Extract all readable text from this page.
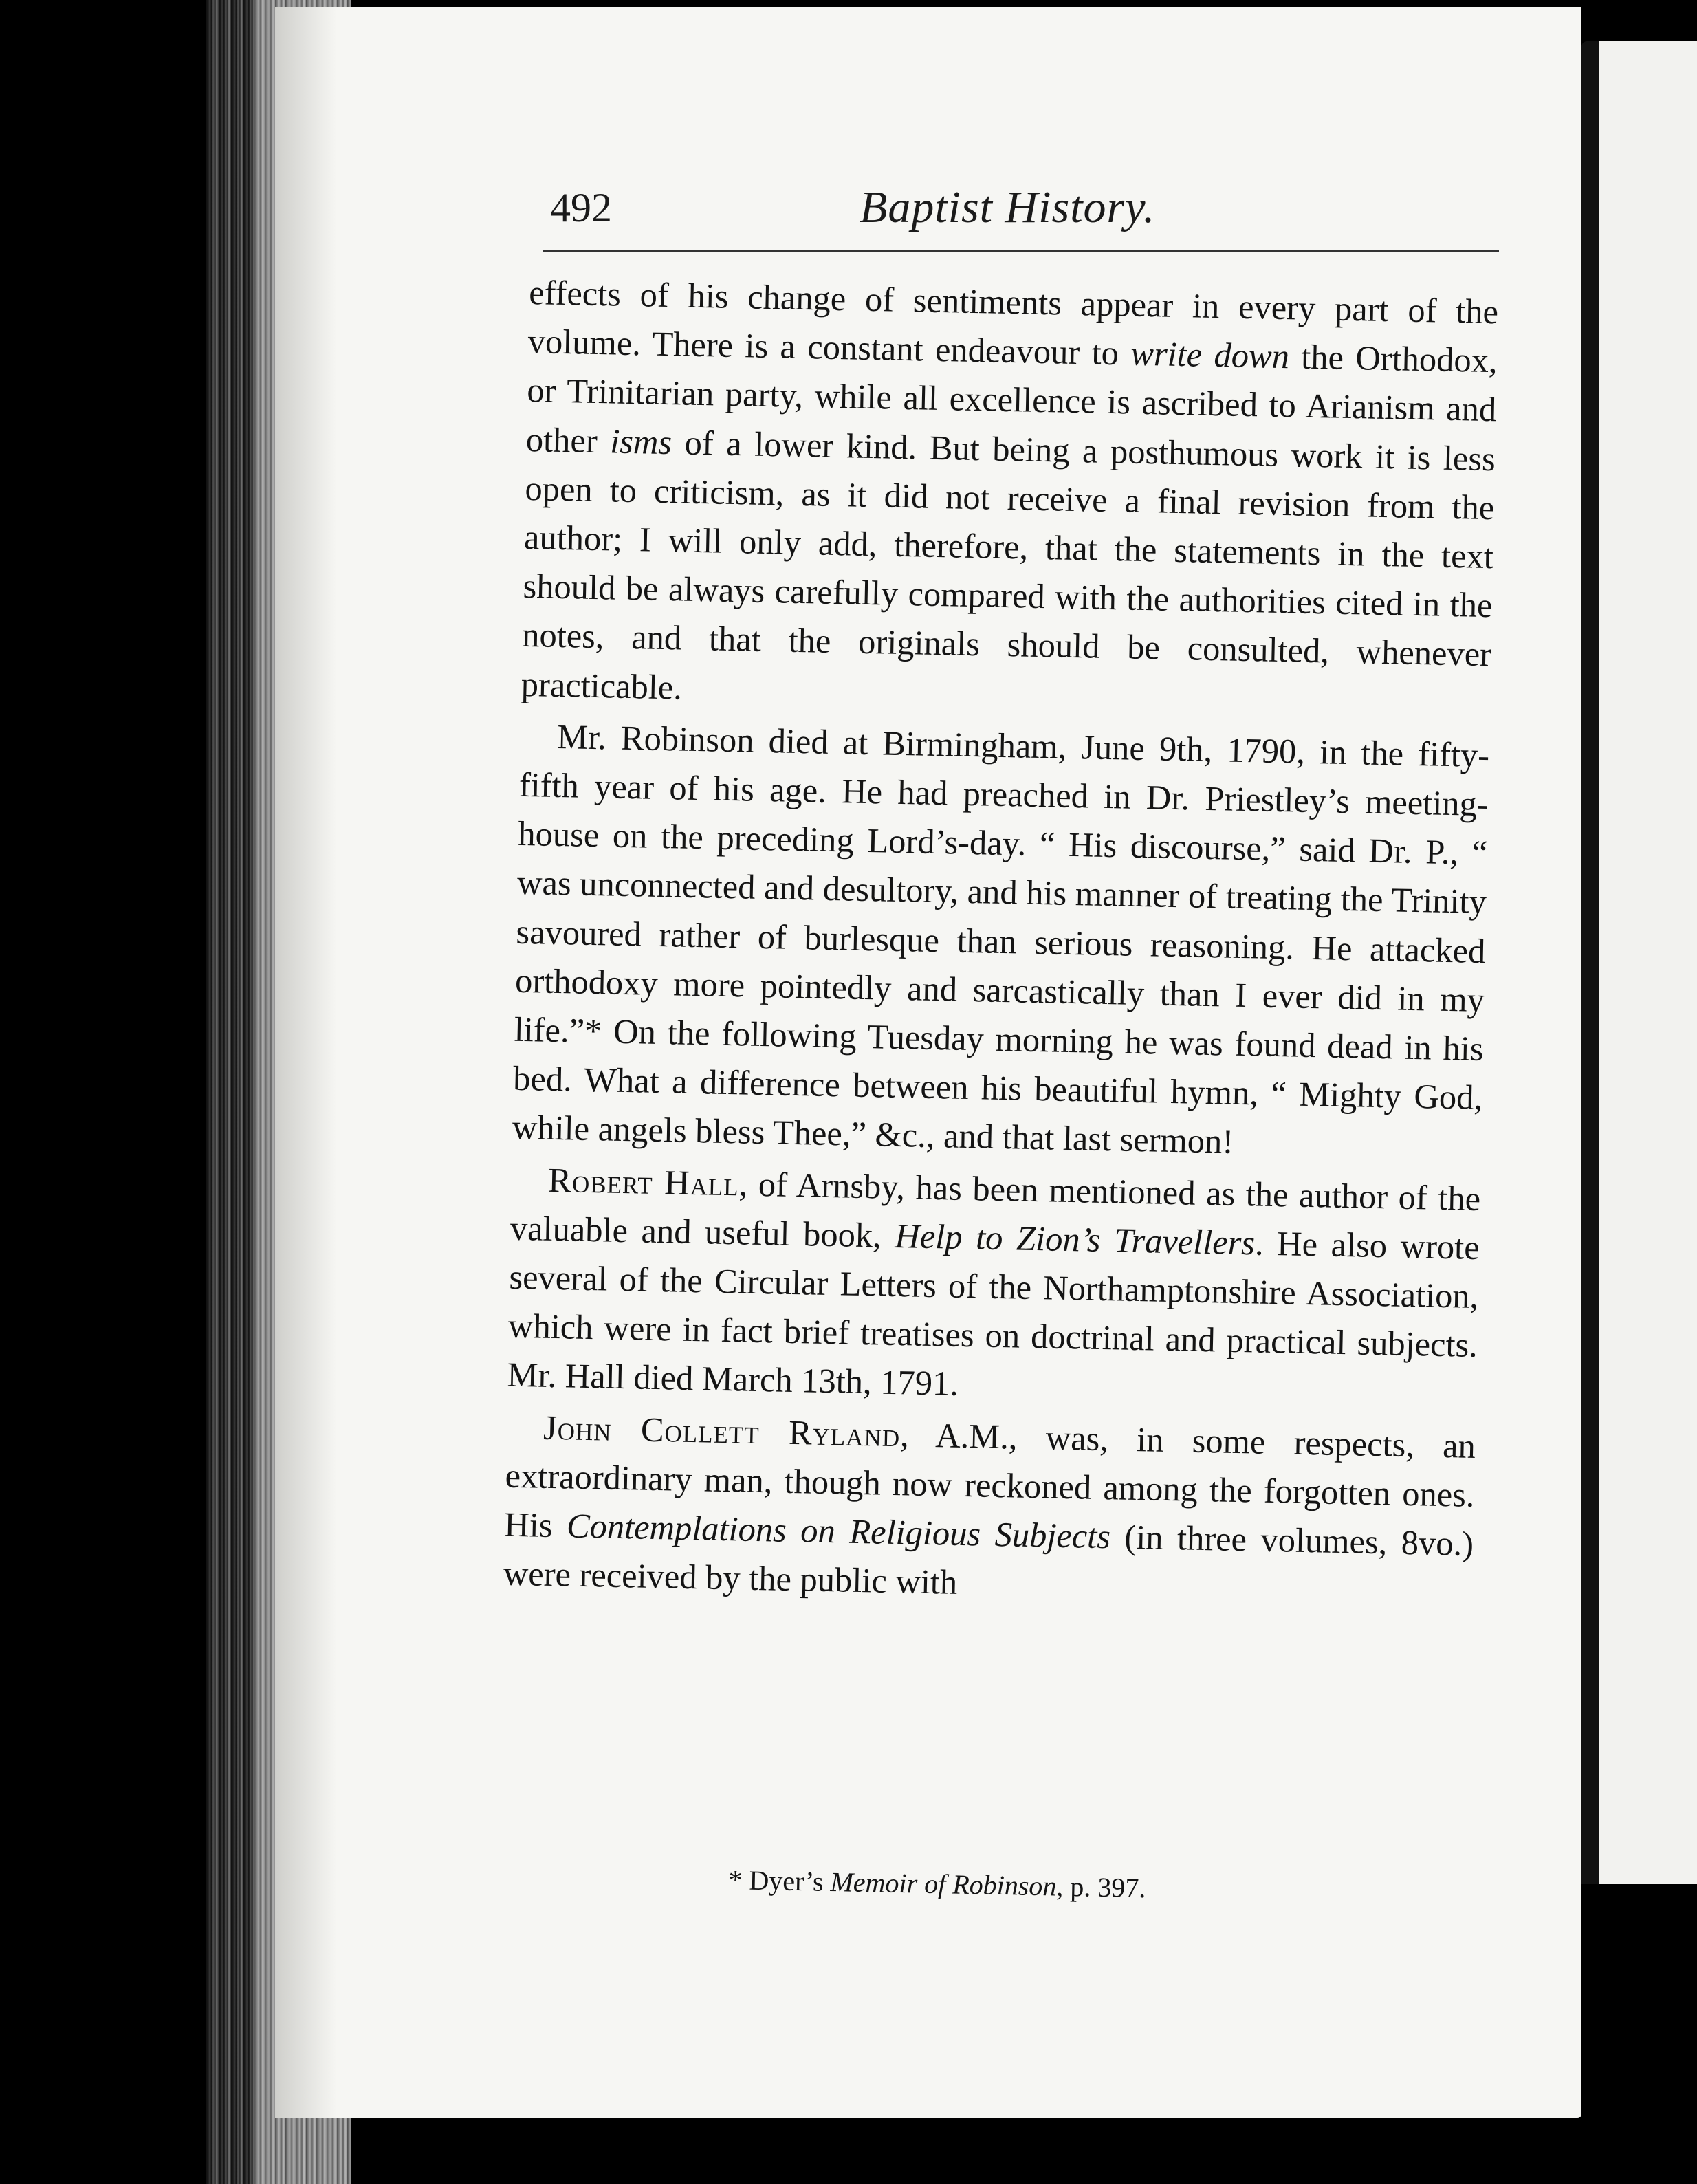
492	Baptist History.

effects of his change of sentiments appear in every part of the volume. There is a constant endeavour to write down the Orthodox, or Trinitarian party, while all excellence is ascribed to Arianism and other isms of a lower kind. But being a posthumous work it is less open to criticism, as it did not receive a final revision from the author; I will only add, therefore, that the statements in the text should be always carefully compared with the authorities cited in the notes, and that the originals should be consulted, whenever practicable.

Mr. Robinson died at Birmingham, June 9th, 1790, in the fifty-fifth year of his age. He had preached in Dr. Priestley’s meeting-house on the preceding Lord’s-day. “ His discourse,” said Dr. P., “ was unconnected and desultory, and his manner of treating the Trinity savoured rather of burlesque than serious reasoning. He attacked orthodoxy more pointedly and sarcastically than I ever did in my life.”* On the following Tuesday morning he was found dead in his bed. What a difference between his beautiful hymn, “ Mighty God, while angels bless Thee,” &c., and that last sermon!

Robert Hall, of Arnsby, has been mentioned as the author of the valuable and useful book, Help to Zion’s Travellers. He also wrote several of the Circular Letters of the Northamptonshire Association, which were in fact brief treatises on doctrinal and practical subjects. Mr. Hall died March 13th, 1791.

John Collett Ryland, A.M., was, in some respects, an extraordinary man, though now reckoned among the forgotten ones. His Contemplations on Religious Subjects (in three volumes, 8vo.) were received by the public with

* Dyer’s Memoir of Robinson, p. 397.
